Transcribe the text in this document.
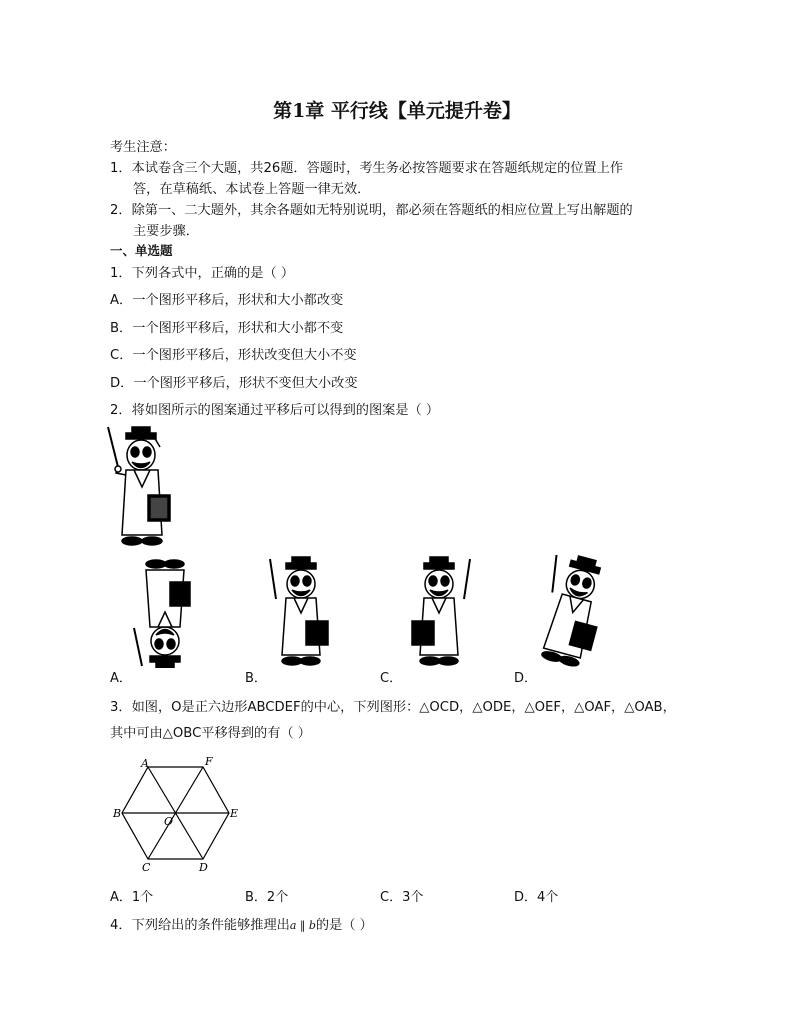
第1章 平行线【单元提升卷】
考生注意：
1．本试卷含三个大题，共26题．答题时，考生务必按答题要求在答题纸规定的位置上作
答，在草稿纸、本试卷上答题一律无效．
2．除第一、二大题外，其余各题如无特别说明，都必须在答题纸的相应位置上写出解题的
主要步骤．
一、单选题
1．下列各式中，正确的是（ ）
A．一个图形平移后，形状和大小都改变
B．一个图形平移后，形状和大小都不变
C．一个图形平移后，形状改变但大小不变
D．一个图形平移后，形状不变但大小改变
2．将如图所示的图案通过平移后可以得到的图案是（ ）
A．	B．	C．	D．
3．如图，O是正六边形ABCDEF的中心，下列图形：△OCD，△ODE，△OEF，△OAF，△OAB，
其中可由△OBC平移得到的有（ ）
A	F
B	E
O
C	D
A．1个	B．2个	C．3个	D．4个
4．下列给出的条件能够推理出a ‖ b的是（ ）
